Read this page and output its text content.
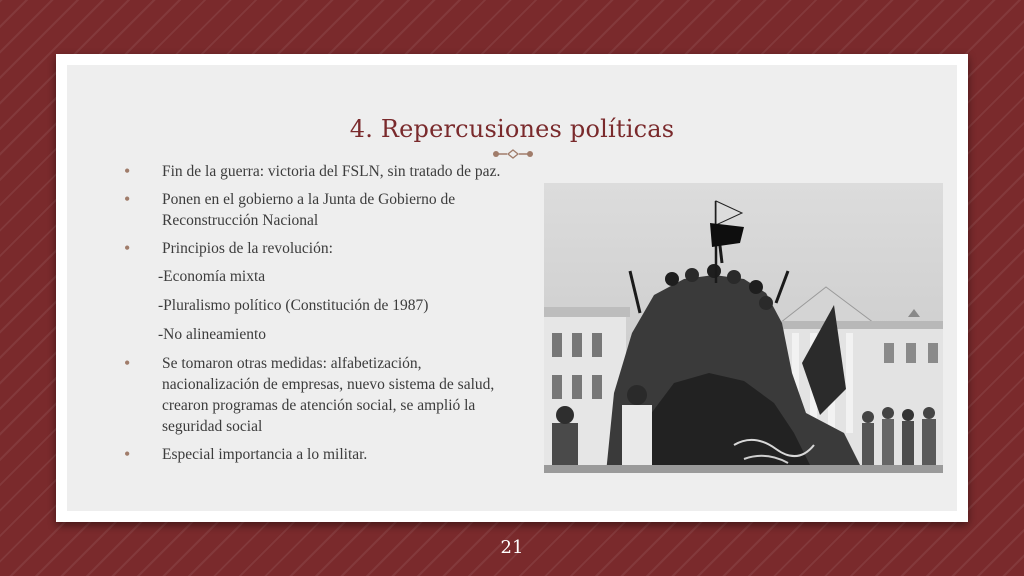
4. Repercusiones políticas
• Fin de la guerra: victoria del FSLN, sin tratado de paz.
• Ponen en el gobierno a la Junta de Gobierno de Reconstrucción Nacional
• Principios de la revolución:
-Economía mixta
-Pluralismo político (Constitución de 1987)
-No alineamiento
• Se tomaron otras medidas: alfabetización, nacionalización de empresas, nuevo sistema de salud, crearon programas de atención social, se amplió la seguridad social
• Especial importancia a lo militar.
21
